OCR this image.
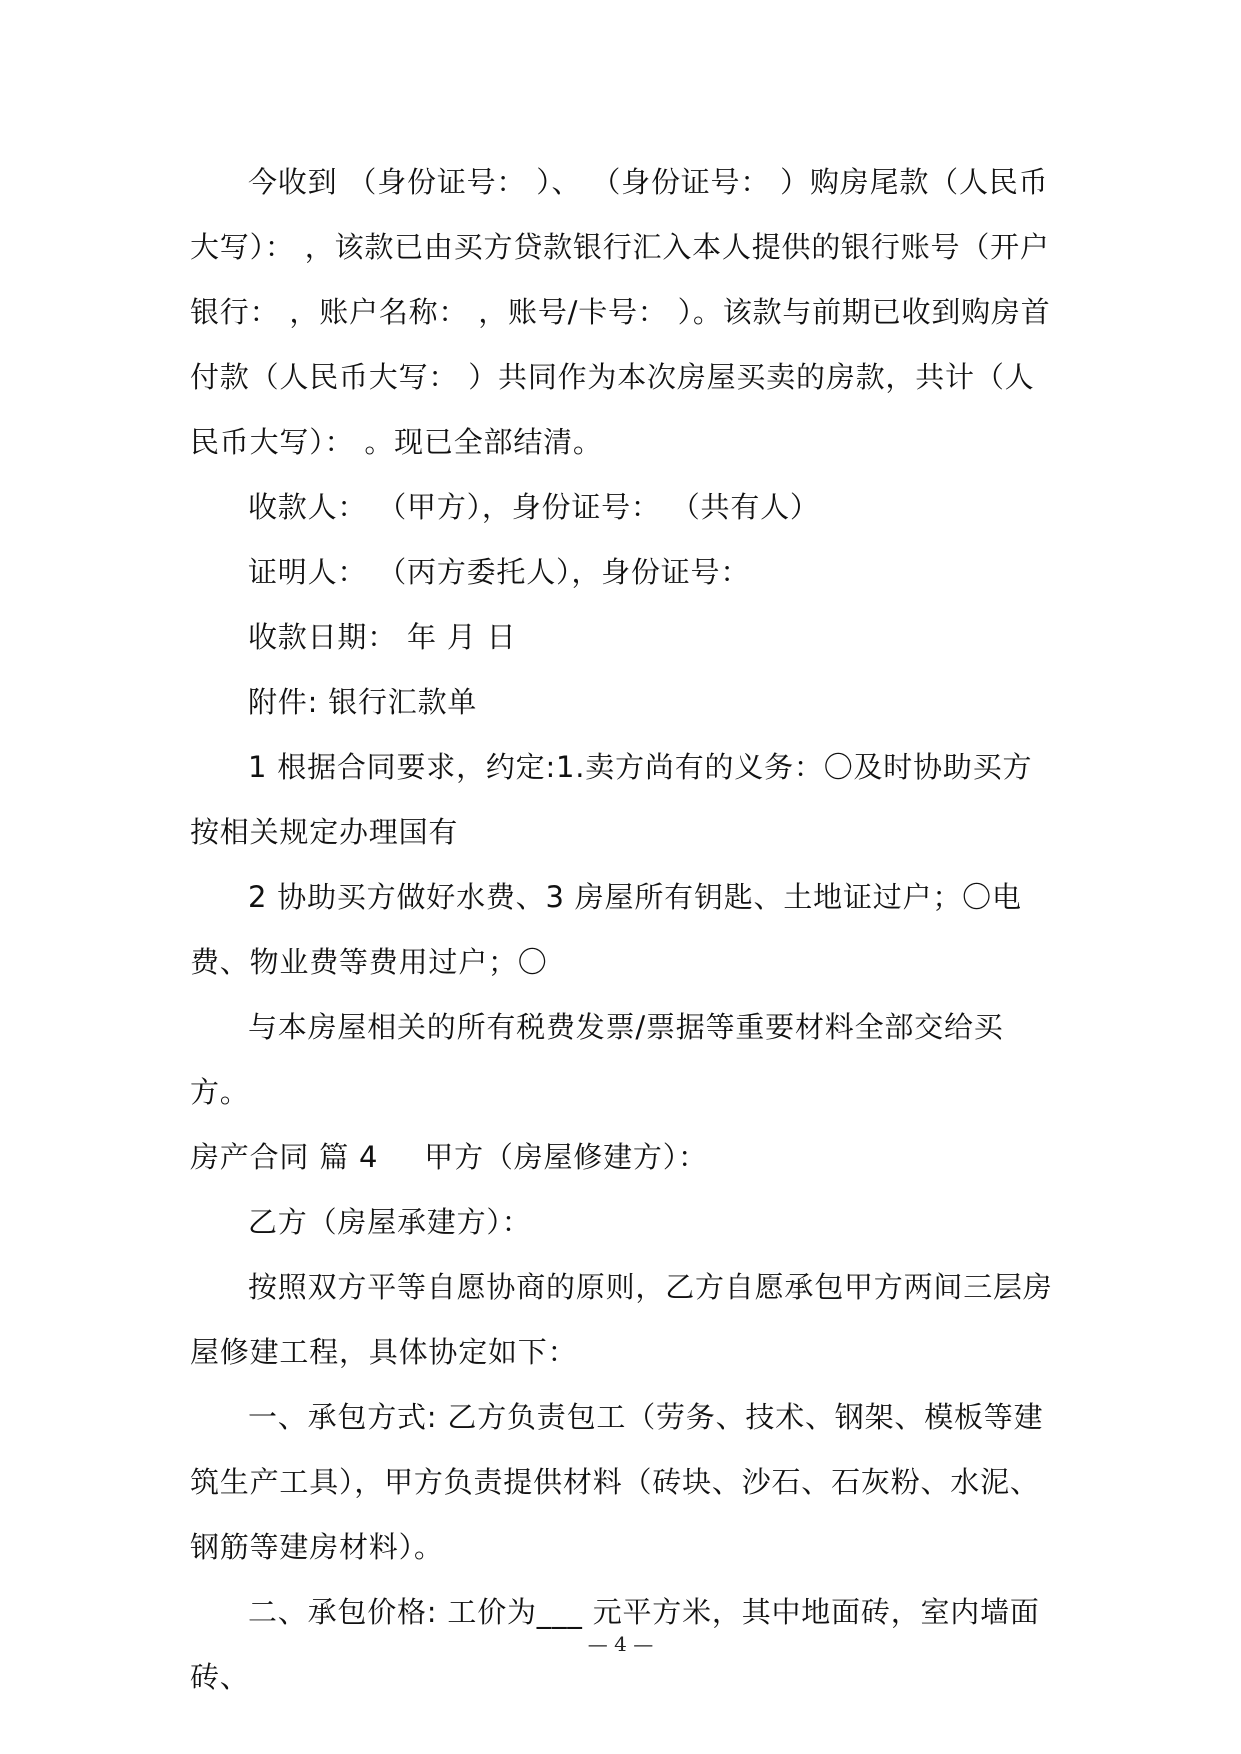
今收到 （身份证号： ）、 （身份证号： ）购房尾款（人民币大写）： ，该款已由买方贷款银行汇入本人提供的银行账号（开户银行： ，账户名称： ，账号/卡号： ）。该款与前期已收到购房首付款（人民币大写： ）共同作为本次房屋买卖的房款，共计（人民币大写）： 。现已全部结清。

收款人： （甲方），身份证号： （共有人）

证明人： （丙方委托人），身份证号：

收款日期： 年 月 日

附件: 银行汇款单

1 根据合同要求，约定:1.卖方尚有的义务：〇及时协助买方按相关规定办理国有

2 协助买方做好水费、3 房屋所有钥匙、土地证过户；〇电费、物业费等费用过户；〇

与本房屋相关的所有税费发票/票据等重要材料全部交给买方。

房产合同 篇 4 甲方（房屋修建方）：

乙方（房屋承建方）：

按照双方平等自愿协商的原则，乙方自愿承包甲方两间三层房屋修建工程，具体协定如下：

一、承包方式: 乙方负责包工（劳务、技术、钢架、模板等建筑生产工具），甲方负责提供材料（砖块、沙石、石灰粉、水泥、钢筋等建房材料）。

二、承包价格: 工价为___ 元平方米，其中地面砖，室内墙面砖、

— 4 —
